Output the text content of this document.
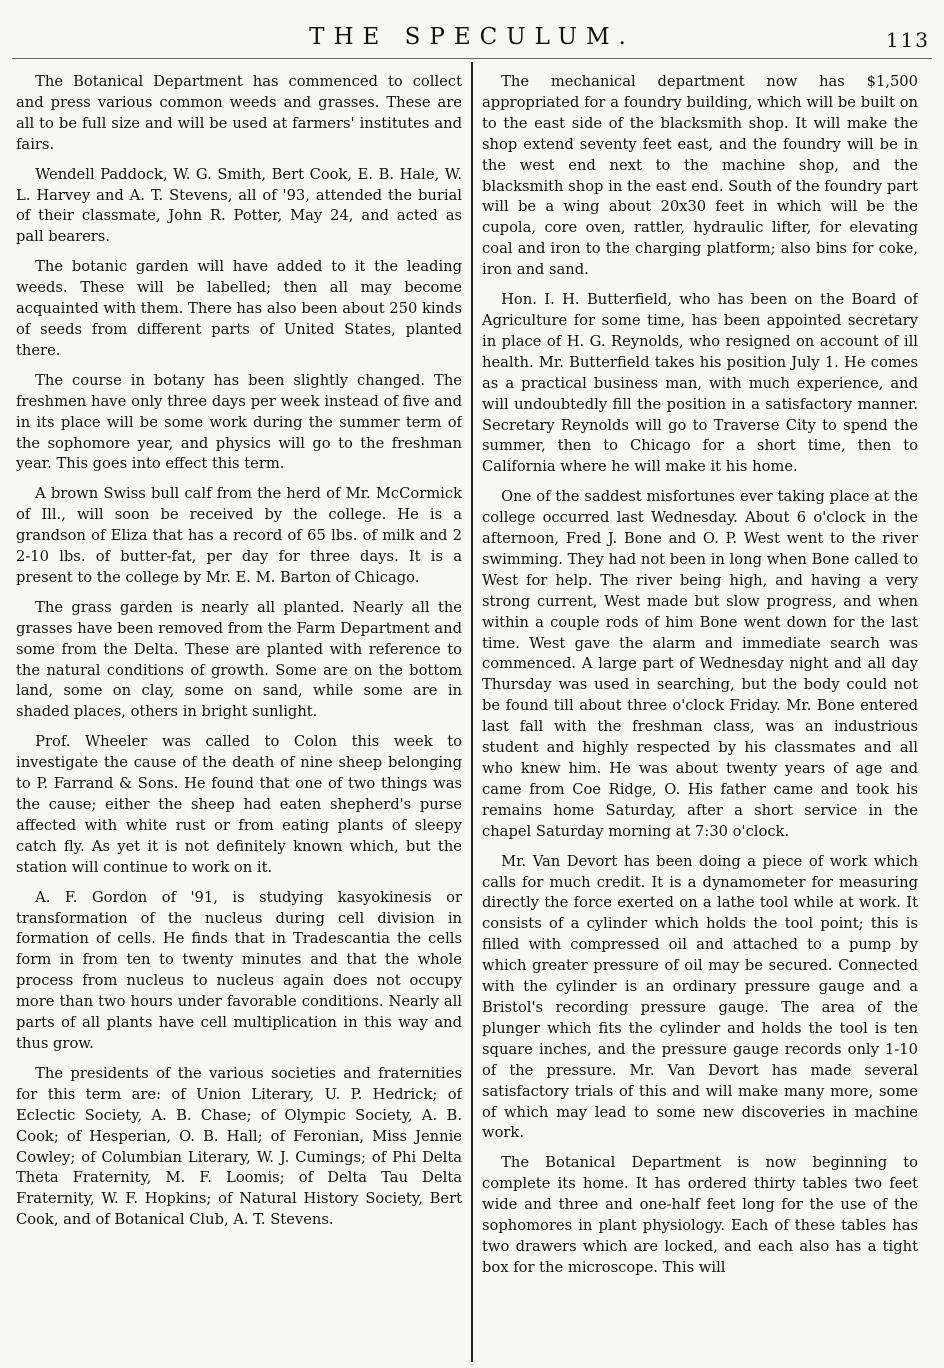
THE SPECULUM.	113

The Botanical Department has commenced to collect and press various common weeds and grasses. These are all to be full size and will be used at farmers' institutes and fairs.

Wendell Paddock, W. G. Smith, Bert Cook, E. B. Hale, W. L. Harvey and A. T. Stevens, all of '93, attended the burial of their classmate, John R. Potter, May 24, and acted as pall bearers.

The botanic garden will have added to it the leading weeds. These will be labelled; then all may become acquainted with them. There has also been about 250 kinds of seeds from different parts of United States, planted there.

The course in botany has been slightly changed. The freshmen have only three days per week instead of five and in its place will be some work during the summer term of the sophomore year, and physics will go to the freshman year. This goes into effect this term.

A brown Swiss bull calf from the herd of Mr. McCormick of Ill., will soon be received by the college. He is a grandson of Eliza that has a record of 65 lbs. of milk and 2 2-10 lbs. of butter-fat, per day for three days. It is a present to the college by Mr. E. M. Barton of Chicago.

The grass garden is nearly all planted. Nearly all the grasses have been removed from the Farm Department and some from the Delta. These are planted with reference to the natural conditions of growth. Some are on the bottom land, some on clay, some on sand, while some are in shaded places, others in bright sunlight.

Prof. Wheeler was called to Colon this week to investigate the cause of the death of nine sheep belonging to P. Farrand & Sons. He found that one of two things was the cause; either the sheep had eaten shepherd's purse affected with white rust or from eating plants of sleepy catch fly. As yet it is not definitely known which, but the station will continue to work on it.

A. F. Gordon of '91, is studying kasyokinesis or transformation of the nucleus during cell division in formation of cells. He finds that in Tradescantia the cells form in from ten to twenty minutes and that the whole process from nucleus to nucleus again does not occupy more than two hours under favorable conditions. Nearly all parts of all plants have cell multiplication in this way and thus grow.

The presidents of the various societies and fraternities for this term are: of Union Literary, U. P. Hedrick; of Eclectic Society, A. B. Chase; of Olympic Society, A. B. Cook; of Hesperian, O. B. Hall; of Feronian, Miss Jennie Cowley; of Columbian Literary, W. J. Cumings; of Phi Delta Theta Fraternity, M. F. Loomis; of Delta Tau Delta Fraternity, W. F. Hopkins; of Natural History Society, Bert Cook, and of Botanical Club, A. T. Stevens.

The mechanical department now has $1,500 appropriated for a foundry building, which will be built on to the east side of the blacksmith shop. It will make the shop extend seventy feet east, and the foundry will be in the west end next to the machine shop, and the blacksmith shop in the east end. South of the foundry part will be a wing about 20x30 feet in which will be the cupola, core oven, rattler, hydraulic lifter, for elevating coal and iron to the charging platform; also bins for coke, iron and sand.

Hon. I. H. Butterfield, who has been on the Board of Agriculture for some time, has been appointed secretary in place of H. G. Reynolds, who resigned on account of ill health. Mr. Butterfield takes his position July 1. He comes as a practical business man, with much experience, and will undoubtedly fill the position in a satisfactory manner. Secretary Reynolds will go to Traverse City to spend the summer, then to Chicago for a short time, then to California where he will make it his home.

One of the saddest misfortunes ever taking place at the college occurred last Wednesday. About 6 o'clock in the afternoon, Fred J. Bone and O. P. West went to the river swimming. They had not been in long when Bone called to West for help. The river being high, and having a very strong current, West made but slow progress, and when within a couple rods of him Bone went down for the last time. West gave the alarm and immediate search was commenced. A large part of Wednesday night and all day Thursday was used in searching, but the body could not be found till about three o'clock Friday. Mr. Bone entered last fall with the freshman class, was an industrious student and highly respected by his classmates and all who knew him. He was about twenty years of age and came from Coe Ridge, O. His father came and took his remains home Saturday, after a short service in the chapel Saturday morning at 7:30 o'clock.

Mr. Van Devort has been doing a piece of work which calls for much credit. It is a dynamometer for measuring directly the force exerted on a lathe tool while at work. It consists of a cylinder which holds the tool point; this is filled with compressed oil and attached to a pump by which greater pressure of oil may be secured. Connected with the cylinder is an ordinary pressure gauge and a Bristol's recording pressure gauge. The area of the plunger which fits the cylinder and holds the tool is ten square inches, and the pressure gauge records only 1-10 of the pressure. Mr. Van Devort has made several satisfactory trials of this and will make many more, some of which may lead to some new discoveries in machine work.

The Botanical Department is now beginning to complete its home. It has ordered thirty tables two feet wide and three and one-half feet long for the use of the sophomores in plant physiology. Each of these tables has two drawers which are locked, and each also has a tight box for the microscope. This will
